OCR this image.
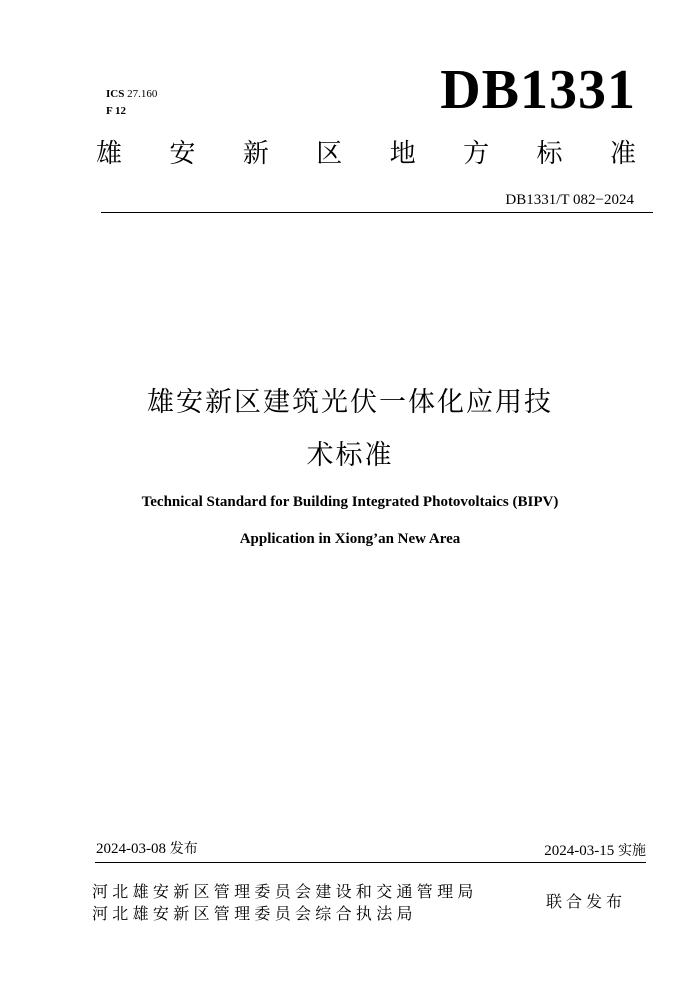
ICS 27.160
F 12	DB1331
雄 安 新 区 地 方 标 准
DB1331/T 082−2024
雄安新区建筑光伏一体化应用技
术标准
Technical Standard for Building Integrated Photovoltaics (BIPV)
Application in Xiong’an New Area
2024-03-08 发布	2024-03-15 实施
河北雄安新区管理委员会建设和交通管理局
河北雄安新区管理委员会综合执法局
联合发布
